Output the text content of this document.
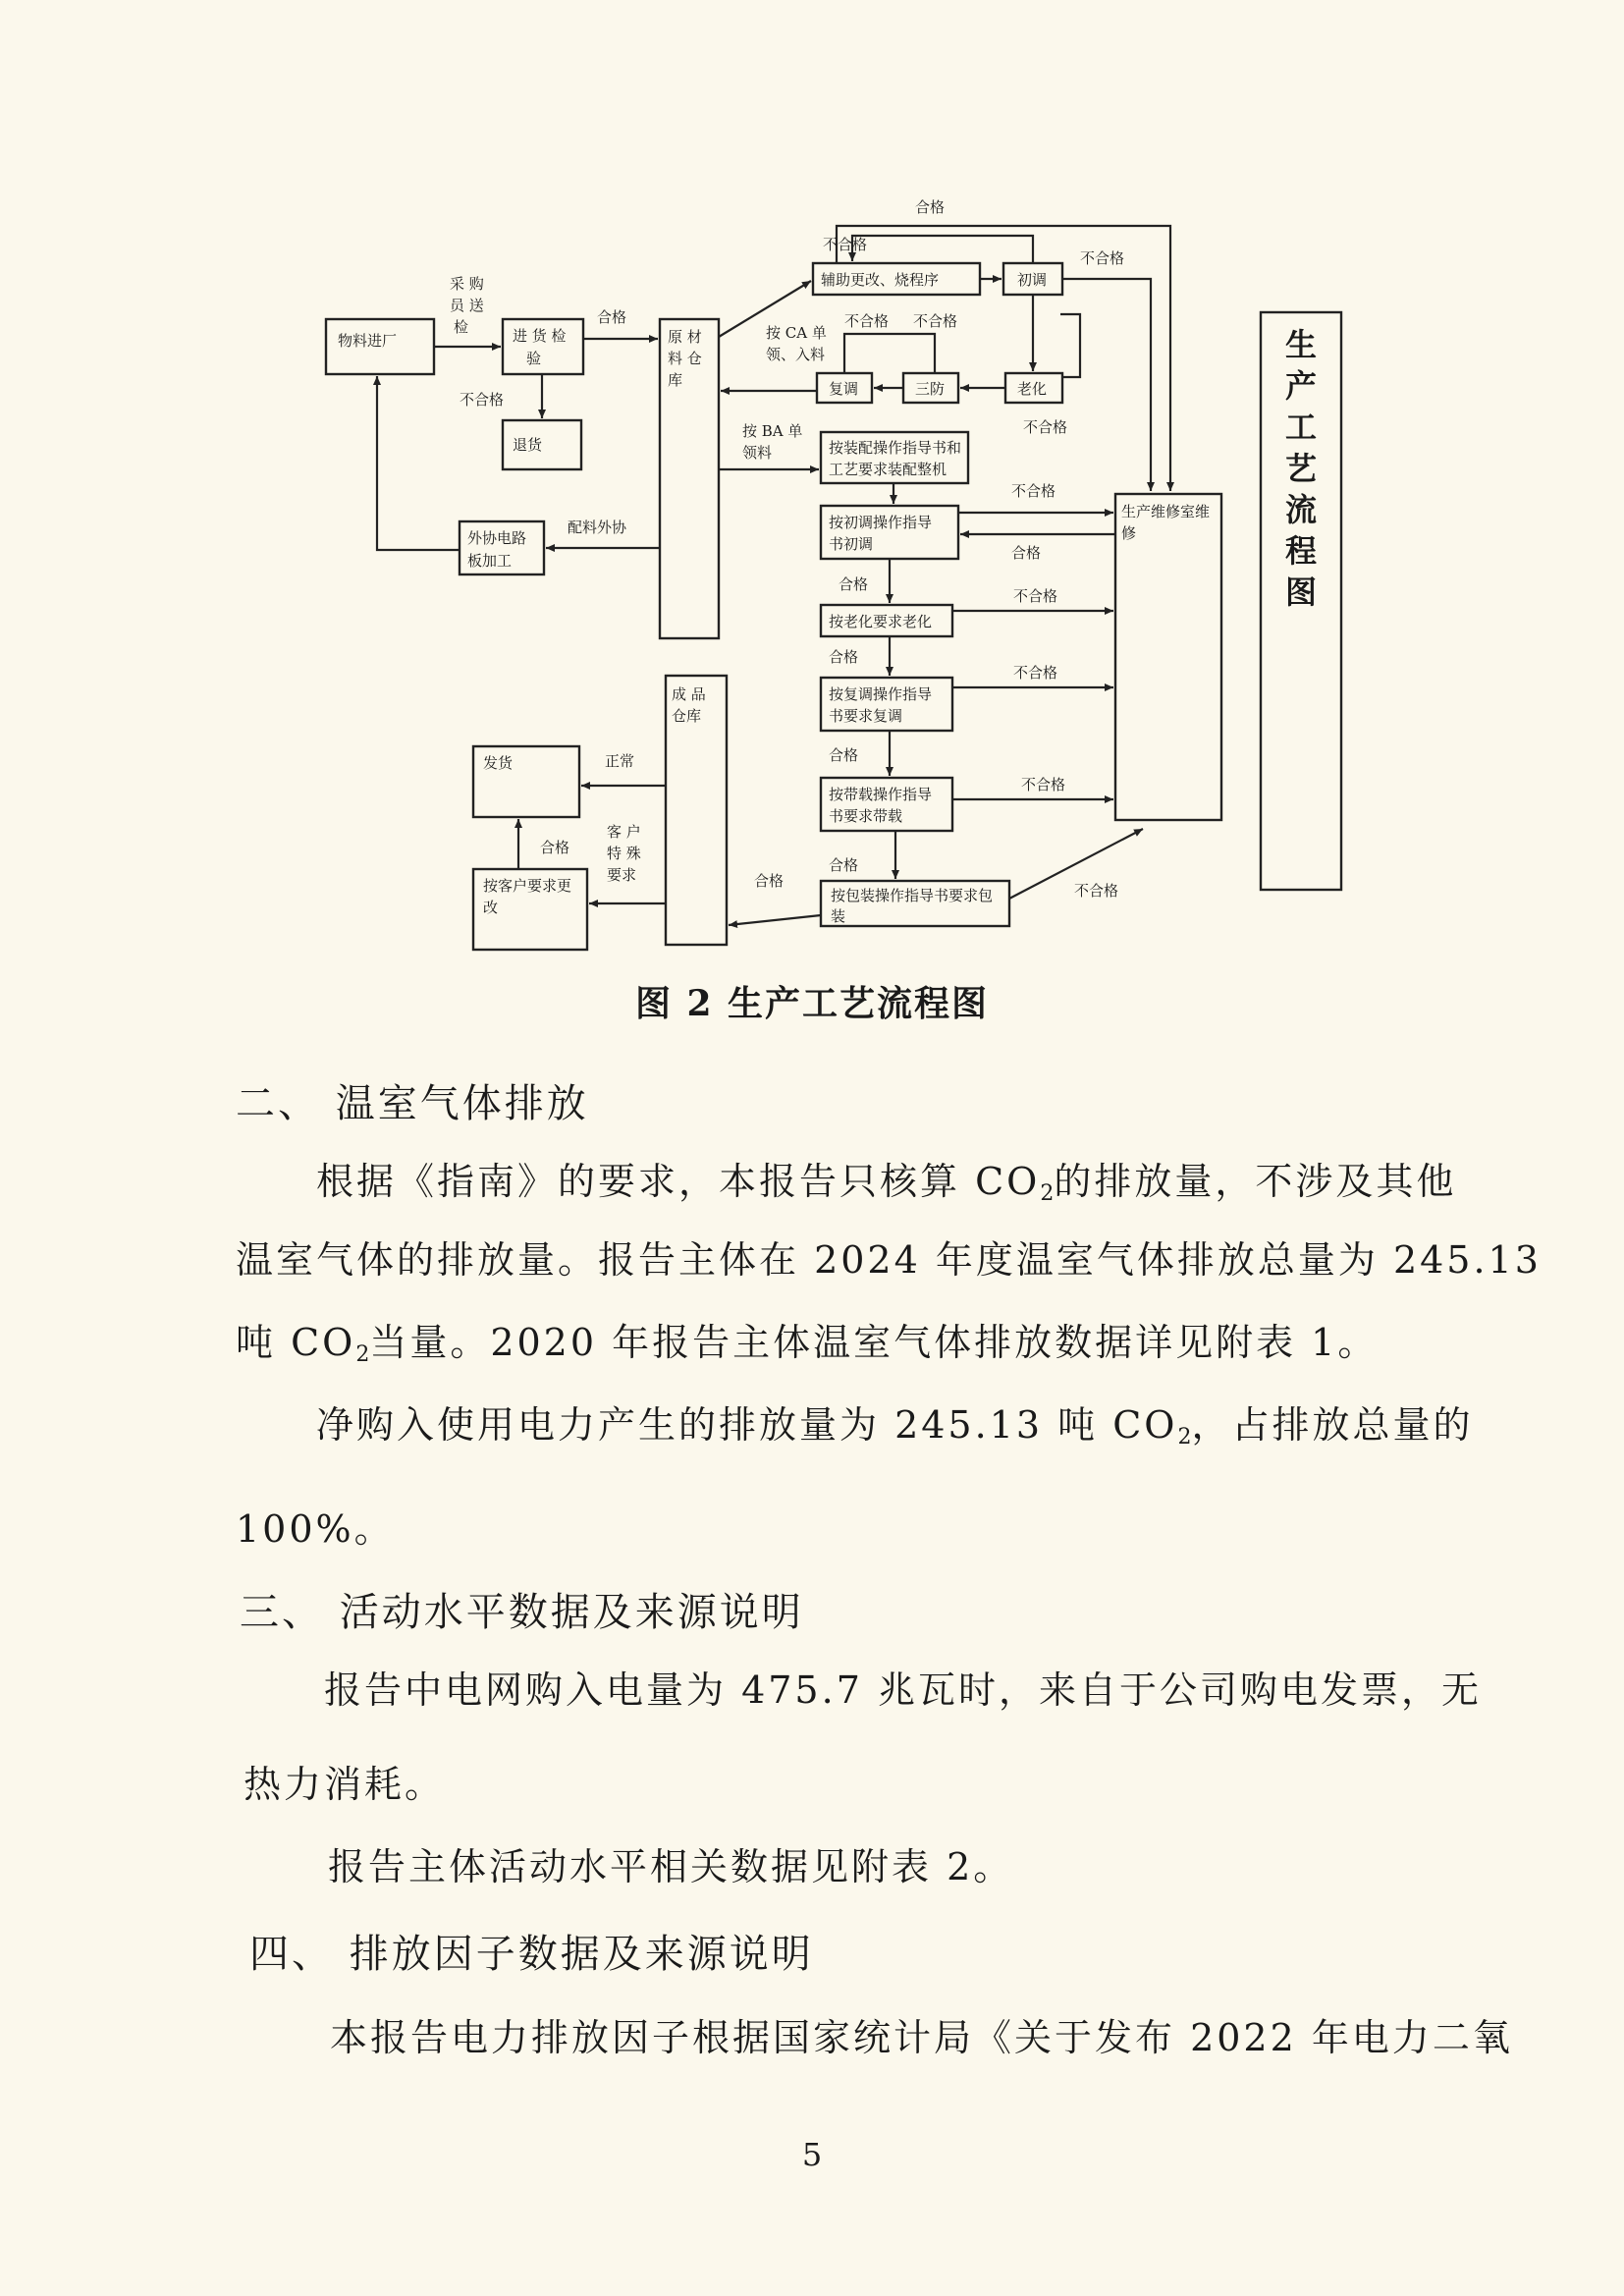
物料进厂	进 货 检
验
退货
外协电路
板加工
原 材
料 仓
库
辅助更改、烧程序	初调
复调	三防	老化
按装配操作指导书和
工艺要求装配整机
按初调操作指导
书初调
按老化要求老化
按复调操作指导
书要求复调
按带载操作指导
书要求带载
按包装操作指导书要求包
装
生产维修室维
修
成 品
仓库
发货
按客户要求更
改
生
产
工
艺
流
程
图
采 购
员 送
检
合格
不合格
合格
不合格
不合格
不合格 不合格
不合格
按 CA 单
领、入料
按 BA 单
领料
配料外协
不合格
合格
合格
不合格
合格
不合格
合格
不合格
合格
不合格
合格
正常
客 户
特 殊
要求
合格
图 2 生产工艺流程图
二、 温室气体排放
根据《指南》的要求，本报告只核算 $CO_2$的排放量，不涉及其他
温室气体的排放量。报告主体在 2024 年度温室气体排放总量为 245.13
吨 $CO_2$当量。2020 年报告主体温室气体排放数据详见附表 1。
净购入使用电力产生的排放量为 245.13 吨 $CO_2$，占排放总量的
100%。
三、 活动水平数据及来源说明
报告中电网购入电量为 475.7 兆瓦时，来自于公司购电发票，无
热力消耗。
报告主体活动水平相关数据见附表 2。
四、 排放因子数据及来源说明
本报告电力排放因子根据国家统计局《关于发布 2022 年电力二氧
5
